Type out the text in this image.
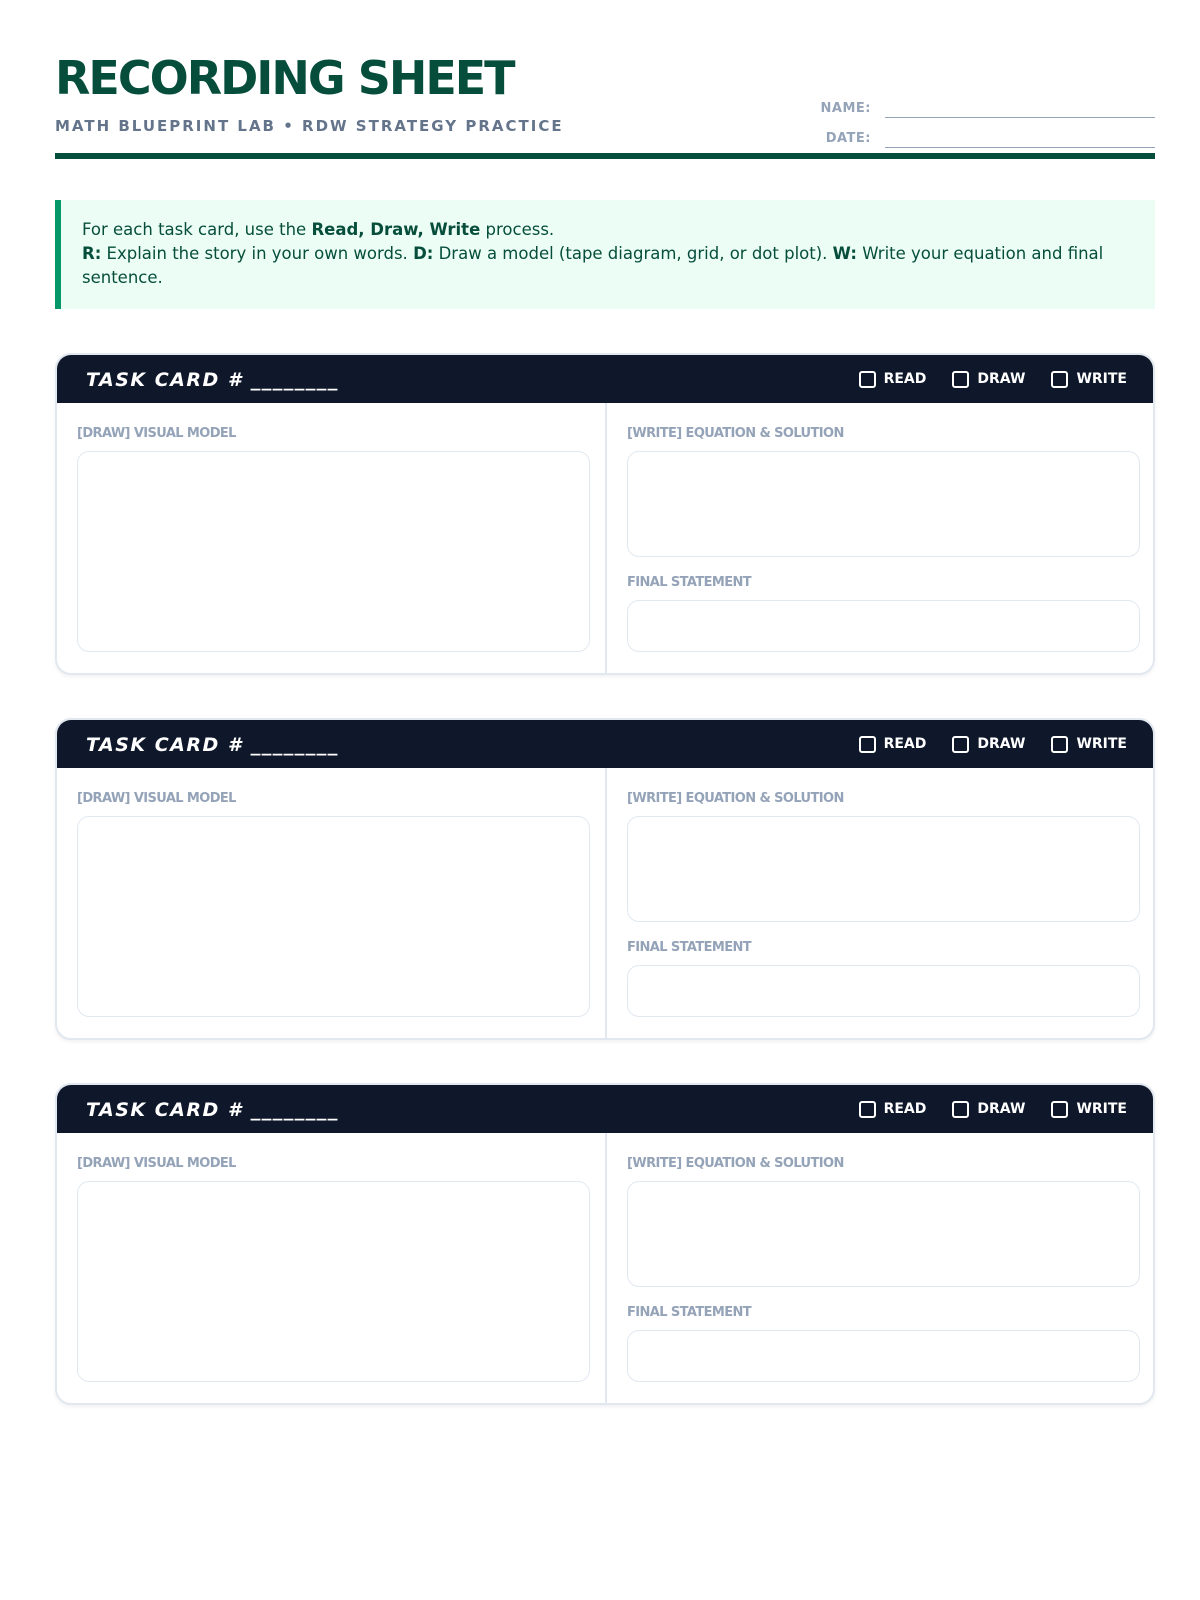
RECORDING SHEET
MATH BLUEPRINT LAB • RDW STRATEGY PRACTICE
NAME:
DATE:
For each task card, use the Read, Draw, Write process.
R: Explain the story in your own words. D: Draw a model (tape diagram, grid, or dot plot). W: Write your equation and final sentence.
TASK CARD # ________	READ	DRAW	WRITE
[DRAW] VISUAL MODEL	[WRITE] EQUATION & SOLUTION
FINAL STATEMENT
TASK CARD # ________	READ	DRAW	WRITE
[DRAW] VISUAL MODEL	[WRITE] EQUATION & SOLUTION
FINAL STATEMENT
TASK CARD # ________	READ	DRAW	WRITE
[DRAW] VISUAL MODEL	[WRITE] EQUATION & SOLUTION
FINAL STATEMENT
